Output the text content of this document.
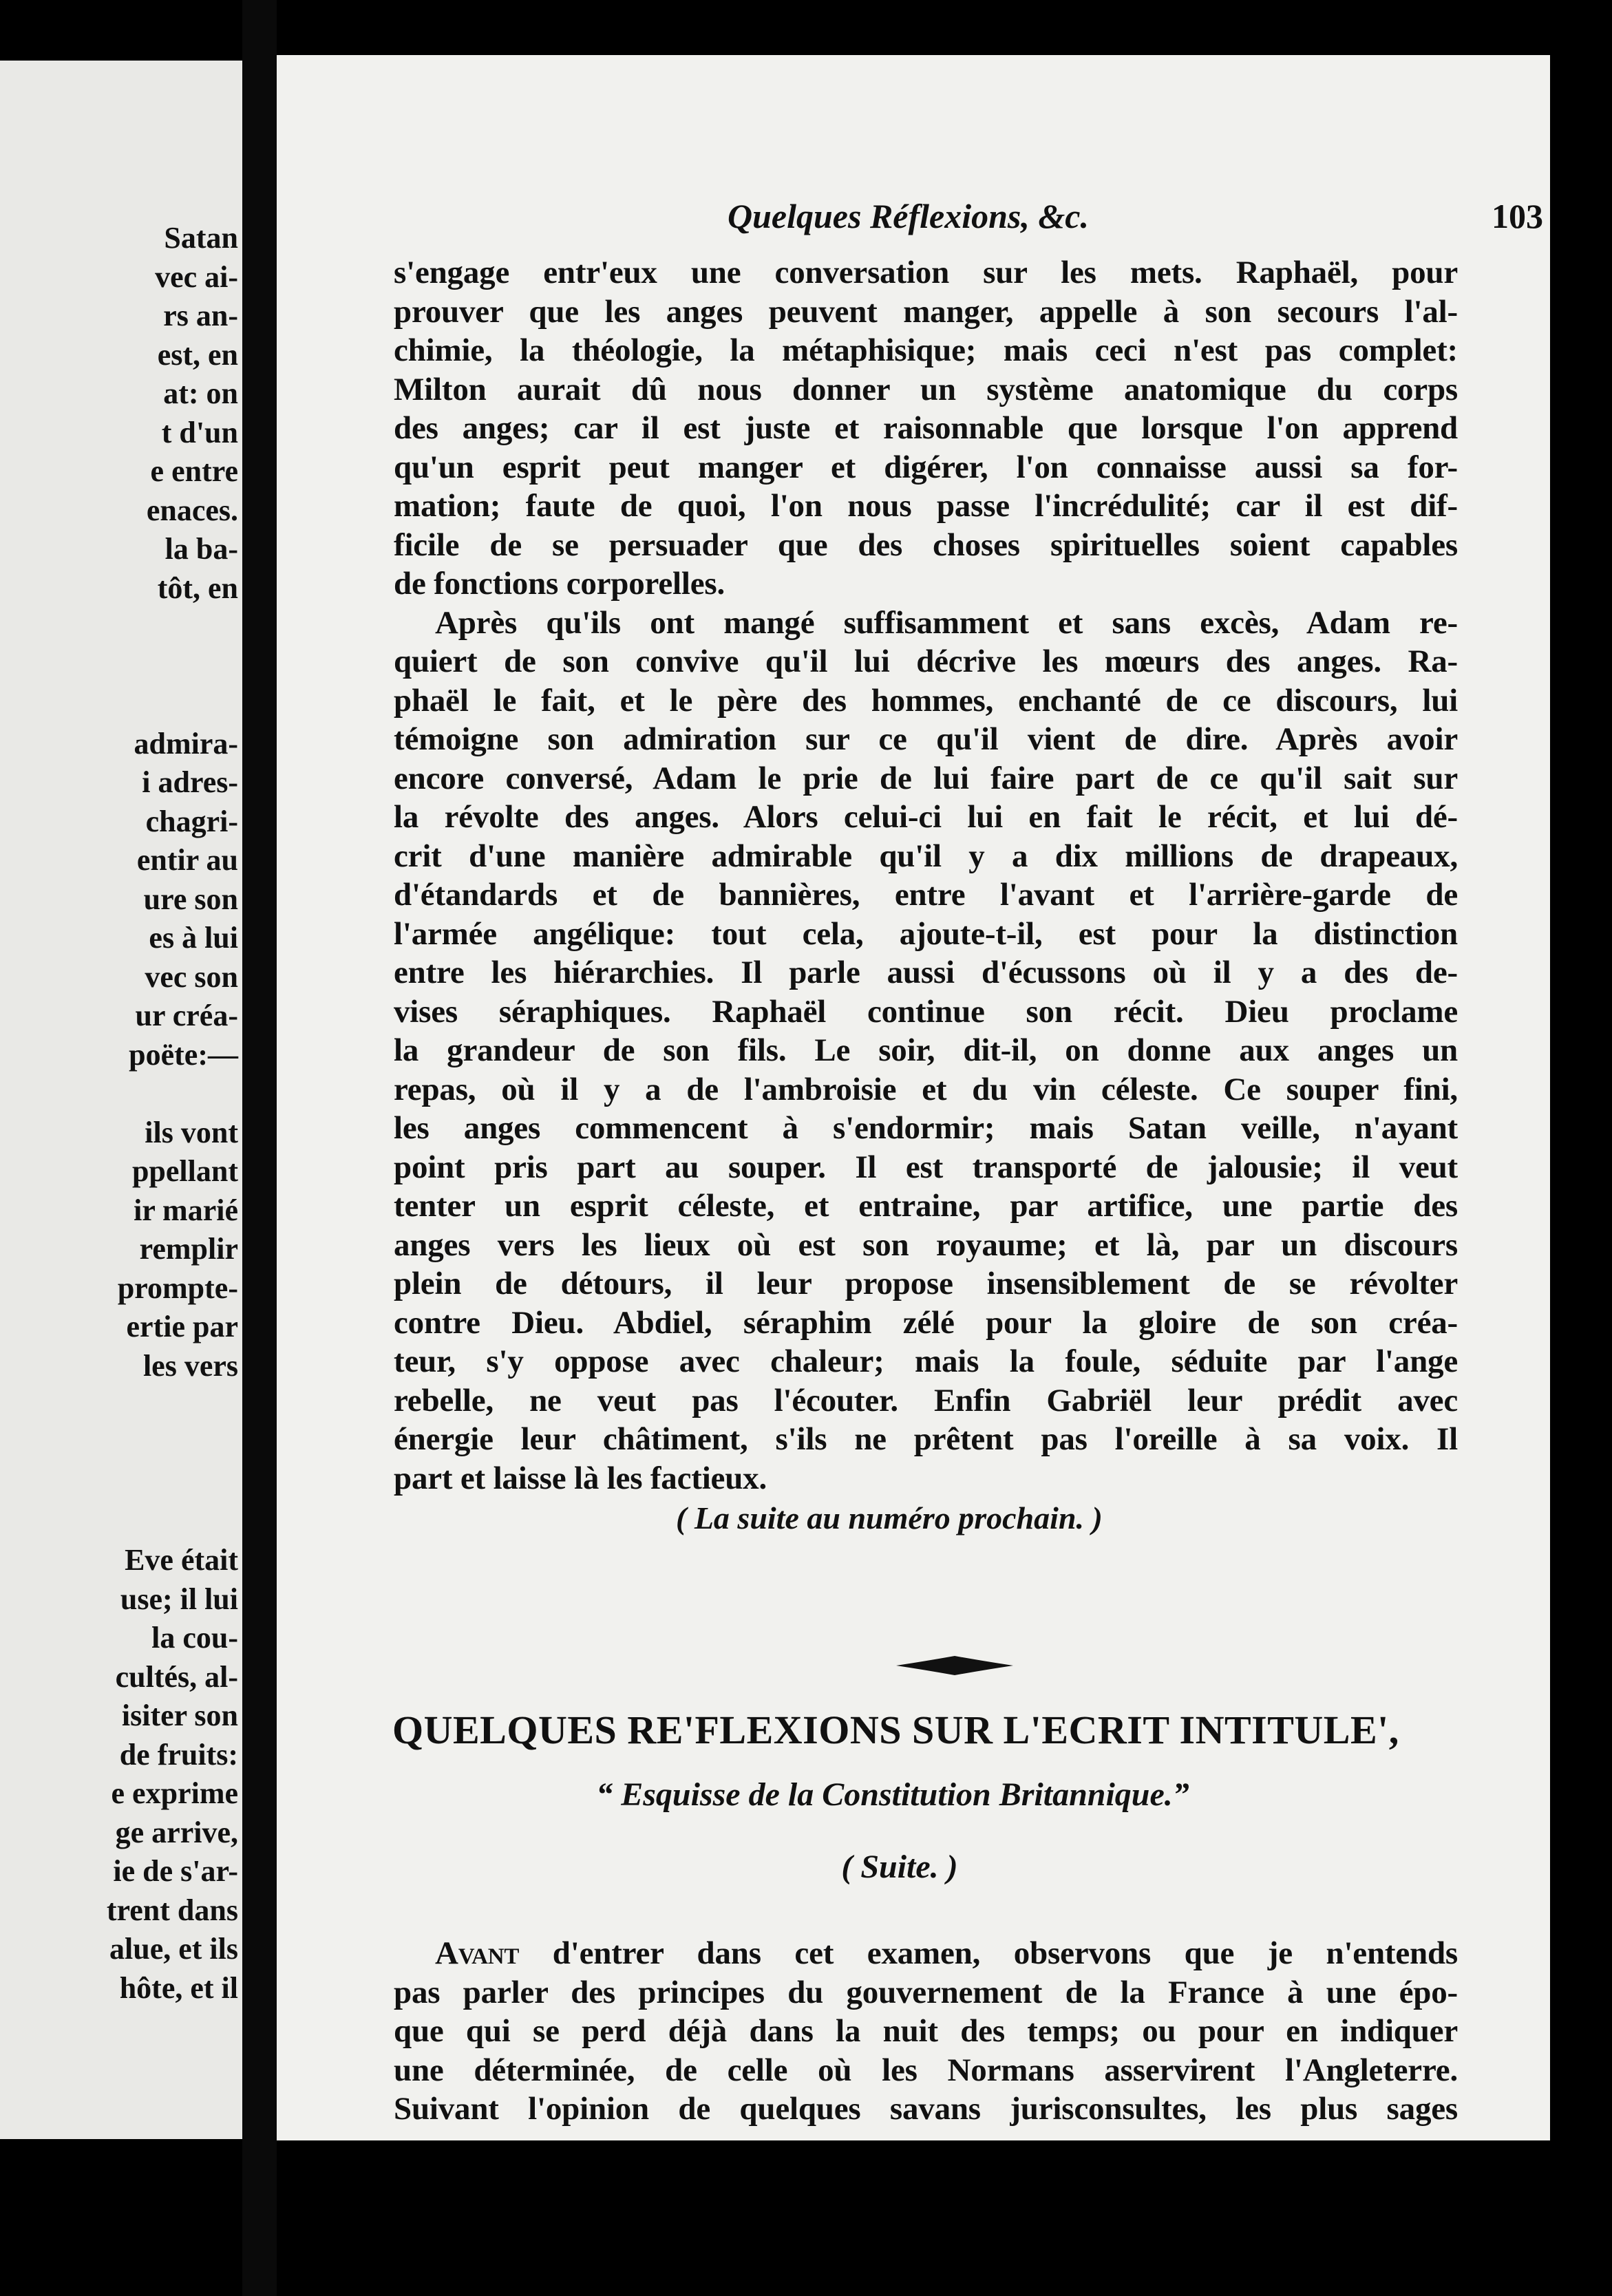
Satan
vec ai-
rs an-
est, en
at: on
t d'un
e entre
enaces.
la ba-
tôt, en
admira-
i adres-
chagri-
entir au
ure son
es à lui
vec son
ur créa-
poëte:—
ils vont
ppellant
ir marié
remplir
prompte-
ertie par
les vers
Eve était
use; il lui
la cou-
cultés, al-
isiter son
de fruits:
e exprime
ge arrive,
ie de s'ar-
trent dans
alue, et ils
hôte, et il
Quelques Réflexions, &c.	103
s'engage entr'eux une conversation sur les mets. Raphaël, pour
prouver que les anges peuvent manger, appelle à son secours l'al-
chimie, la théologie, la métaphisique; mais ceci n'est pas complet:
Milton aurait dû nous donner un système anatomique du corps
des anges; car il est juste et raisonnable que lorsque l'on apprend
qu'un esprit peut manger et digérer, l'on connaisse aussi sa for-
mation; faute de quoi, l'on nous passe l'incrédulité; car il est dif-
ficile de se persuader que des choses spirituelles soient capables
de fonctions corporelles.
Après qu'ils ont mangé suffisamment et sans excès, Adam re-
quiert de son convive qu'il lui décrive les mœurs des anges. Ra-
phaël le fait, et le père des hommes, enchanté de ce discours, lui
témoigne son admiration sur ce qu'il vient de dire. Après avoir
encore conversé, Adam le prie de lui faire part de ce qu'il sait sur
la révolte des anges. Alors celui-ci lui en fait le récit, et lui dé-
crit d'une manière admirable qu'il y a dix millions de drapeaux,
d'étandards et de bannières, entre l'avant et l'arrière-garde de
l'armée angélique: tout cela, ajoute-t-il, est pour la distinction
entre les hiérarchies. Il parle aussi d'écussons où il y a des de-
vises séraphiques. Raphaël continue son récit. Dieu proclame
la grandeur de son fils. Le soir, dit-il, on donne aux anges un
repas, où il y a de l'ambroisie et du vin céleste. Ce souper fini,
les anges commencent à s'endormir; mais Satan veille, n'ayant
point pris part au souper. Il est transporté de jalousie; il veut
tenter un esprit céleste, et entraine, par artifice, une partie des
anges vers les lieux où est son royaume; et là, par un discours
plein de détours, il leur propose insensiblement de se révolter
contre Dieu. Abdiel, séraphim zélé pour la gloire de son créa-
teur, s'y oppose avec chaleur; mais la foule, séduite par l'ange
rebelle, ne veut pas l'écouter. Enfin Gabriël leur prédit avec
énergie leur châtiment, s'ils ne prêtent pas l'oreille à sa voix. Il
part et laisse là les factieux.
( La suite au numéro prochain. )
QUELQUES RE'FLEXIONS SUR L'ECRIT INTITULE',
“ Esquisse de la Constitution Britannique.”
( Suite. )
Avant d'entrer dans cet examen, observons que je n'entends
pas parler des principes du gouvernement de la France à une épo-
que qui se perd déjà dans la nuit des temps; ou pour en indiquer
une déterminée, de celle où les Normans asservirent l'Angleterre.
Suivant l'opinion de quelques savans jurisconsultes, les plus sages
